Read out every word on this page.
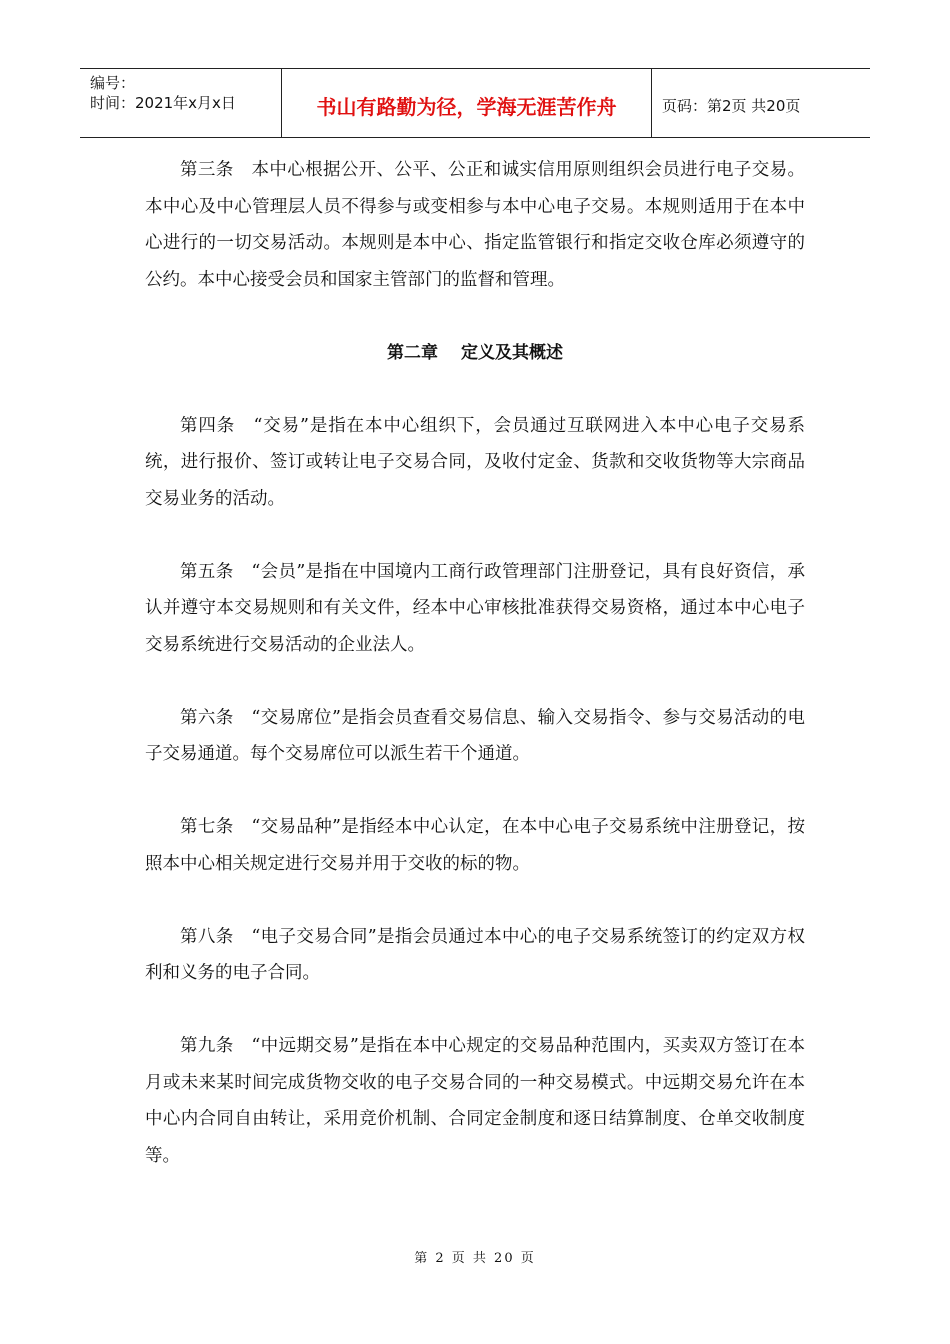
编号：
时间：2021年x月x日	书山有路勤为径，学海无涯苦作舟	页码：第2页 共20页

第三条　本中心根据公开、公平、公正和诚实信用原则组织会员进行电子交易。本中心及中心管理层人员不得参与或变相参与本中心电子交易。本规则适用于在本中心进行的一切交易活动。本规则是本中心、指定监管银行和指定交收仓库必须遵守的公约。本中心接受会员和国家主管部门的监督和管理。

第二章　 定义及其概述

第四条　“交易”是指在本中心组织下，会员通过互联网进入本中心电子交易系统，进行报价、签订或转让电子交易合同，及收付定金、货款和交收货物等大宗商品交易业务的活动。

第五条　“会员”是指在中国境内工商行政管理部门注册登记，具有良好资信，承认并遵守本交易规则和有关文件，经本中心审核批准获得交易资格，通过本中心电子交易系统进行交易活动的企业法人。

第六条　“交易席位”是指会员查看交易信息、输入交易指令、参与交易活动的电子交易通道。每个交易席位可以派生若干个通道。

第七条　“交易品种”是指经本中心认定，在本中心电子交易系统中注册登记，按照本中心相关规定进行交易并用于交收的标的物。

第八条　“电子交易合同”是指会员通过本中心的电子交易系统签订的约定双方权利和义务的电子合同。

第九条　“中远期交易”是指在本中心规定的交易品种范围内，买卖双方签订在本月或未来某时间完成货物交收的电子交易合同的一种交易模式。中远期交易允许在本中心内合同自由转让，采用竞价机制、合同定金制度和逐日结算制度、仓单交收制度等。

第 2 页 共 20 页
